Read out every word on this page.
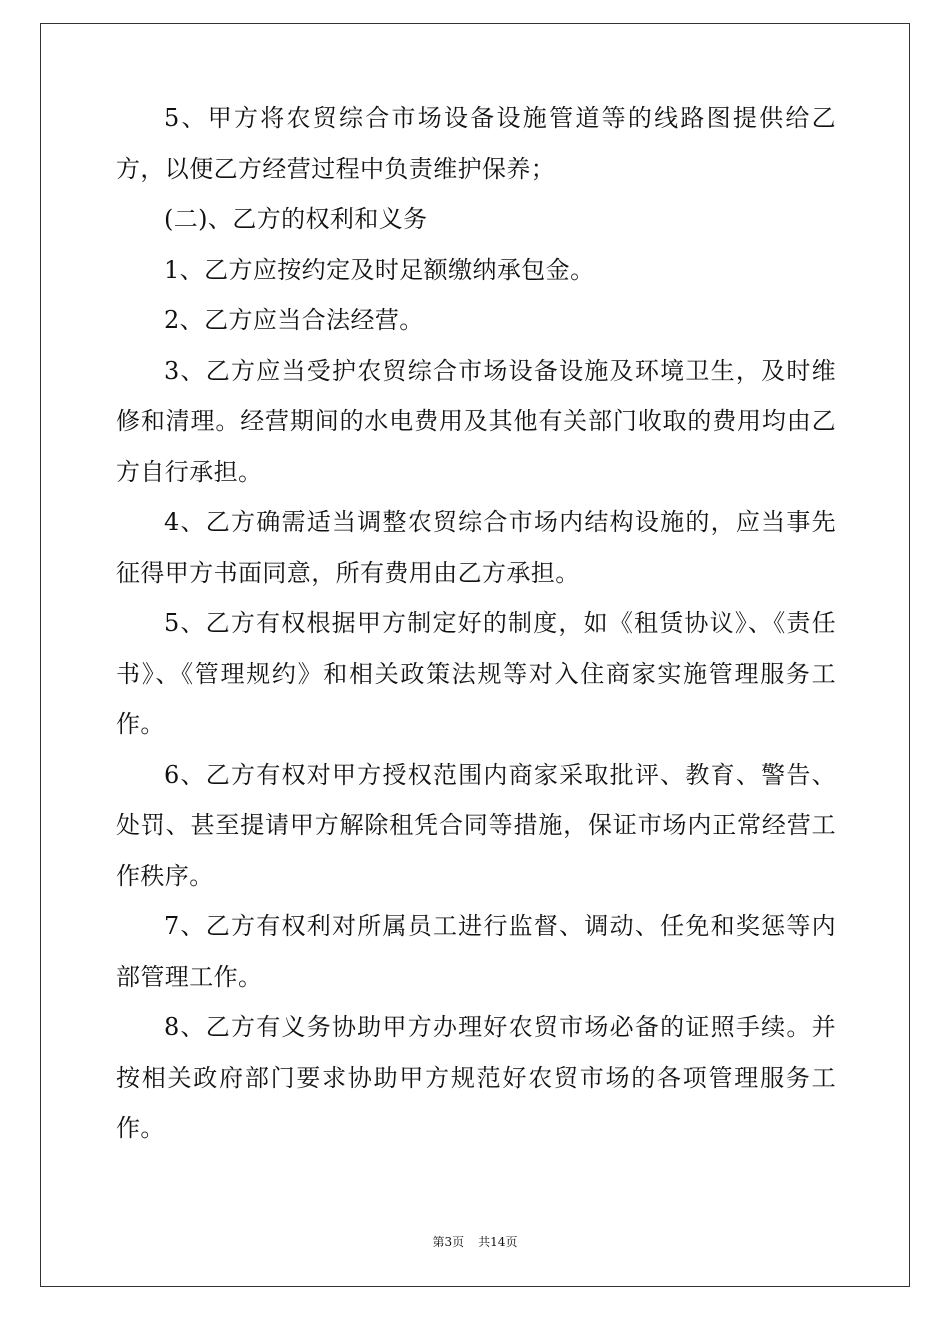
5、甲方将农贸综合市场设备设施管道等的线路图提供给乙方，以便乙方经营过程中负责维护保养；

(二)、乙方的权利和义务

1、乙方应按约定及时足额缴纳承包金。

2、乙方应当合法经营。

3、乙方应当受护农贸综合市场设备设施及环境卫生，及时维修和清理。经营期间的水电费用及其他有关部门收取的费用均由乙方自行承担。

4、乙方确需适当调整农贸综合市场内结构设施的，应当事先征得甲方书面同意，所有费用由乙方承担。

5、乙方有权根据甲方制定好的制度，如《租赁协议》、《责任书》、《管理规约》和相关政策法规等对入住商家实施管理服务工作。

6、乙方有权对甲方授权范围内商家采取批评、教育、警告、处罚、甚至提请甲方解除租凭合同等措施，保证市场内正常经营工作秩序。

7、乙方有权利对所属员工进行监督、调动、任免和奖惩等内部管理工作。

8、乙方有义务协助甲方办理好农贸市场必备的证照手续。并按相关政府部门要求协助甲方规范好农贸市场的各项管理服务工作。

第3页 共14页
